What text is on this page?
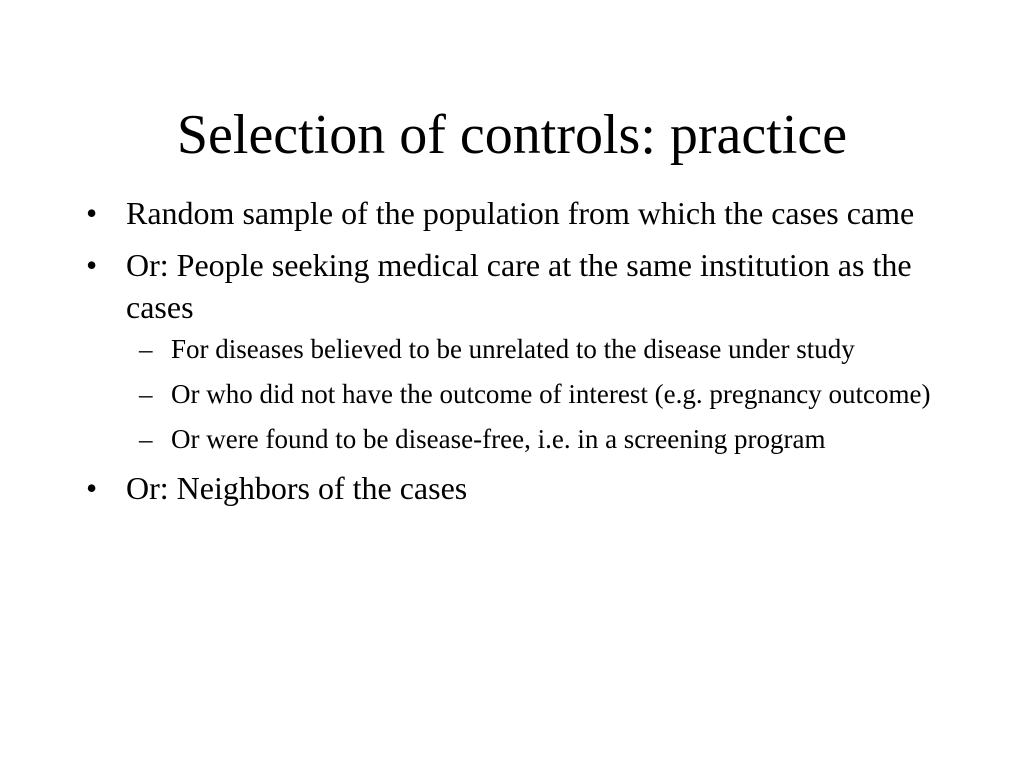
Selection of controls: practice
• Random sample of the population from which the cases came
• Or: People seeking medical care at the same institution as the cases
– For diseases believed to be unrelated to the disease under study
– Or who did not have the outcome of interest (e.g. pregnancy outcome)
– Or were found to be disease-free, i.e. in a screening program
• Or: Neighbors of the cases
